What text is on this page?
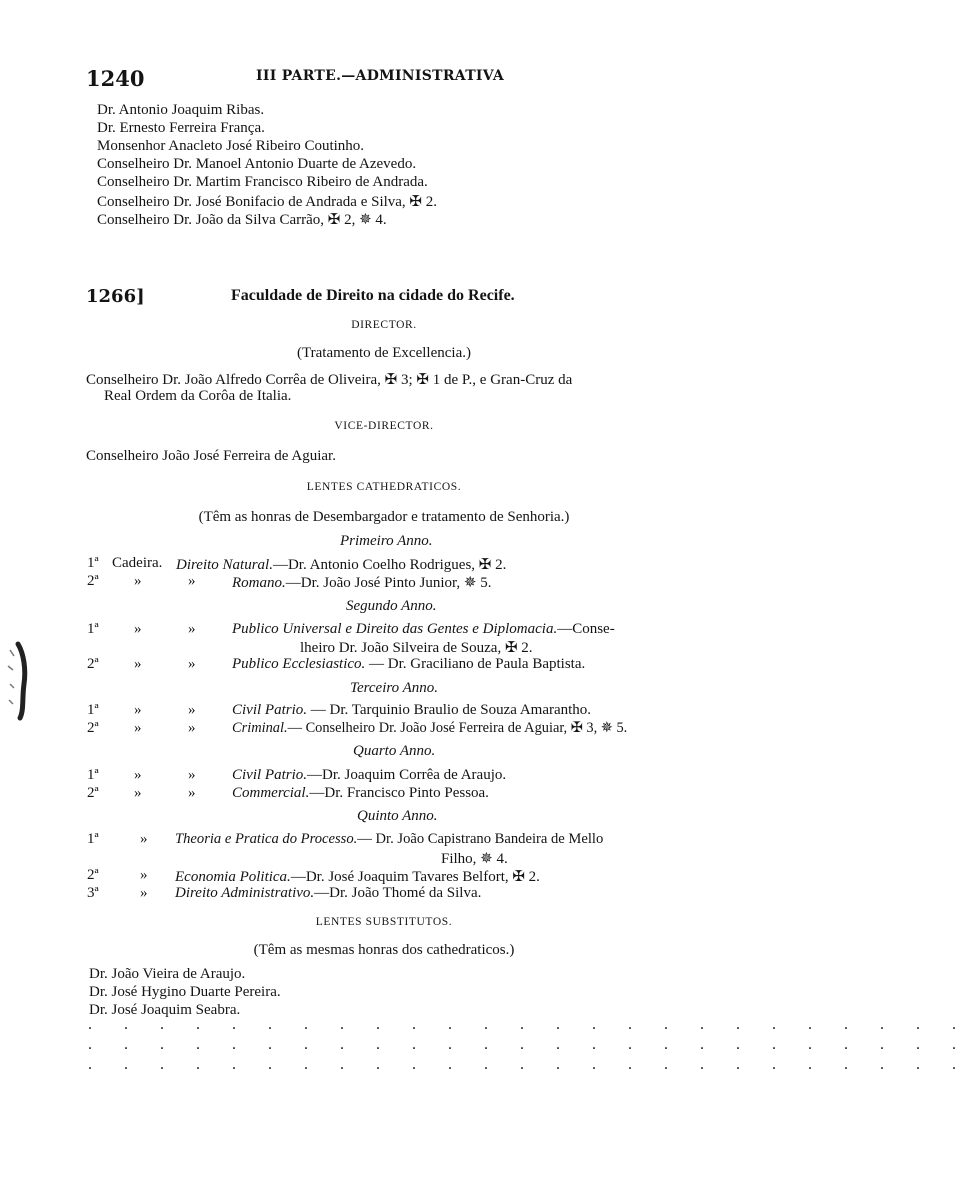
1240	III PARTE.—ADMINISTRATIVA
Dr. Antonio Joaquim Ribas.
Dr. Ernesto Ferreira França.
Monsenhor Anacleto José Ribeiro Coutinho.
Conselheiro Dr. Manoel Antonio Duarte de Azevedo.
Conselheiro Dr. Martim Francisco Ribeiro de Andrada.
Conselheiro Dr. José Bonifacio de Andrada e Silva, ✠ 2.
Conselheiro Dr. João da Silva Carrão, ✠ 2, ✵ 4.
1266]	Faculdade de Direito na cidade do Recife.
DIRECTOR.
(Tratamento de Excellencia.)
Conselheiro Dr. João Alfredo Corrêa de Oliveira, ✠ 3; ✠ 1 de P., e Gran-Cruz da
Real Ordem da Corôa de Italia.
VICE-DIRECTOR.
Conselheiro João José Ferreira de Aguiar.
LENTES CATHEDRATICOS.
(Têm as honras de Desembargador e tratamento de Senhoria.)
Primeiro Anno.
1ª Cadeira. Direito Natural.—Dr. Antonio Coelho Rodrigues, ✠ 2.
2ª »	» Romano.—Dr. João José Pinto Junior, ✵ 5.
Segundo Anno.
1ª »	» Publico Universal e Direito das Gentes e Diplomacia.—Conse-
lheiro Dr. João Silveira de Souza, ✠ 2.
2ª »	» Publico Ecclesiastico. — Dr. Graciliano de Paula Baptista.
Terceiro Anno.
1ª »	» Civil Patrio. — Dr. Tarquinio Braulio de Souza Amaranthо.
2ª »	»	Criminal.— Conselheiro Dr. João José Ferreira de Aguiar, ✠ 3, ✵ 5.
Quarto Anno.
1ª »	» Civil Patrio.—Dr. Joaquim Corrêa de Araujo.
2ª »	» Commercial.—Dr. Francisco Pinto Pessoa.
Quinto Anno.
1ª	» Theoria e Pratica do Processo.— Dr. João Capistrano Bandeira de Mello
Filho, ✵ 4.
2ª	» Economia Politica.—Dr. José Joaquim Tavares Belfort, ✠ 2.
3ª	» Direito Administrativo.—Dr. João Thomé da Silva.
LENTES SUBSTITUTOS.
(Têm as mesmas honras dos cathedraticos.)
Dr. João Vieira de Araujo.
Dr. José Hygino Duarte Pereira.
Dr. José Joaquim Seabra.
. . . . . . . . . . . . . . . . . . . . . . . . .
. . . . . . . . . . . . . . . . . . . . . . . . .
. . . . . . . . . . . . . . . . . . . . . . . . .
